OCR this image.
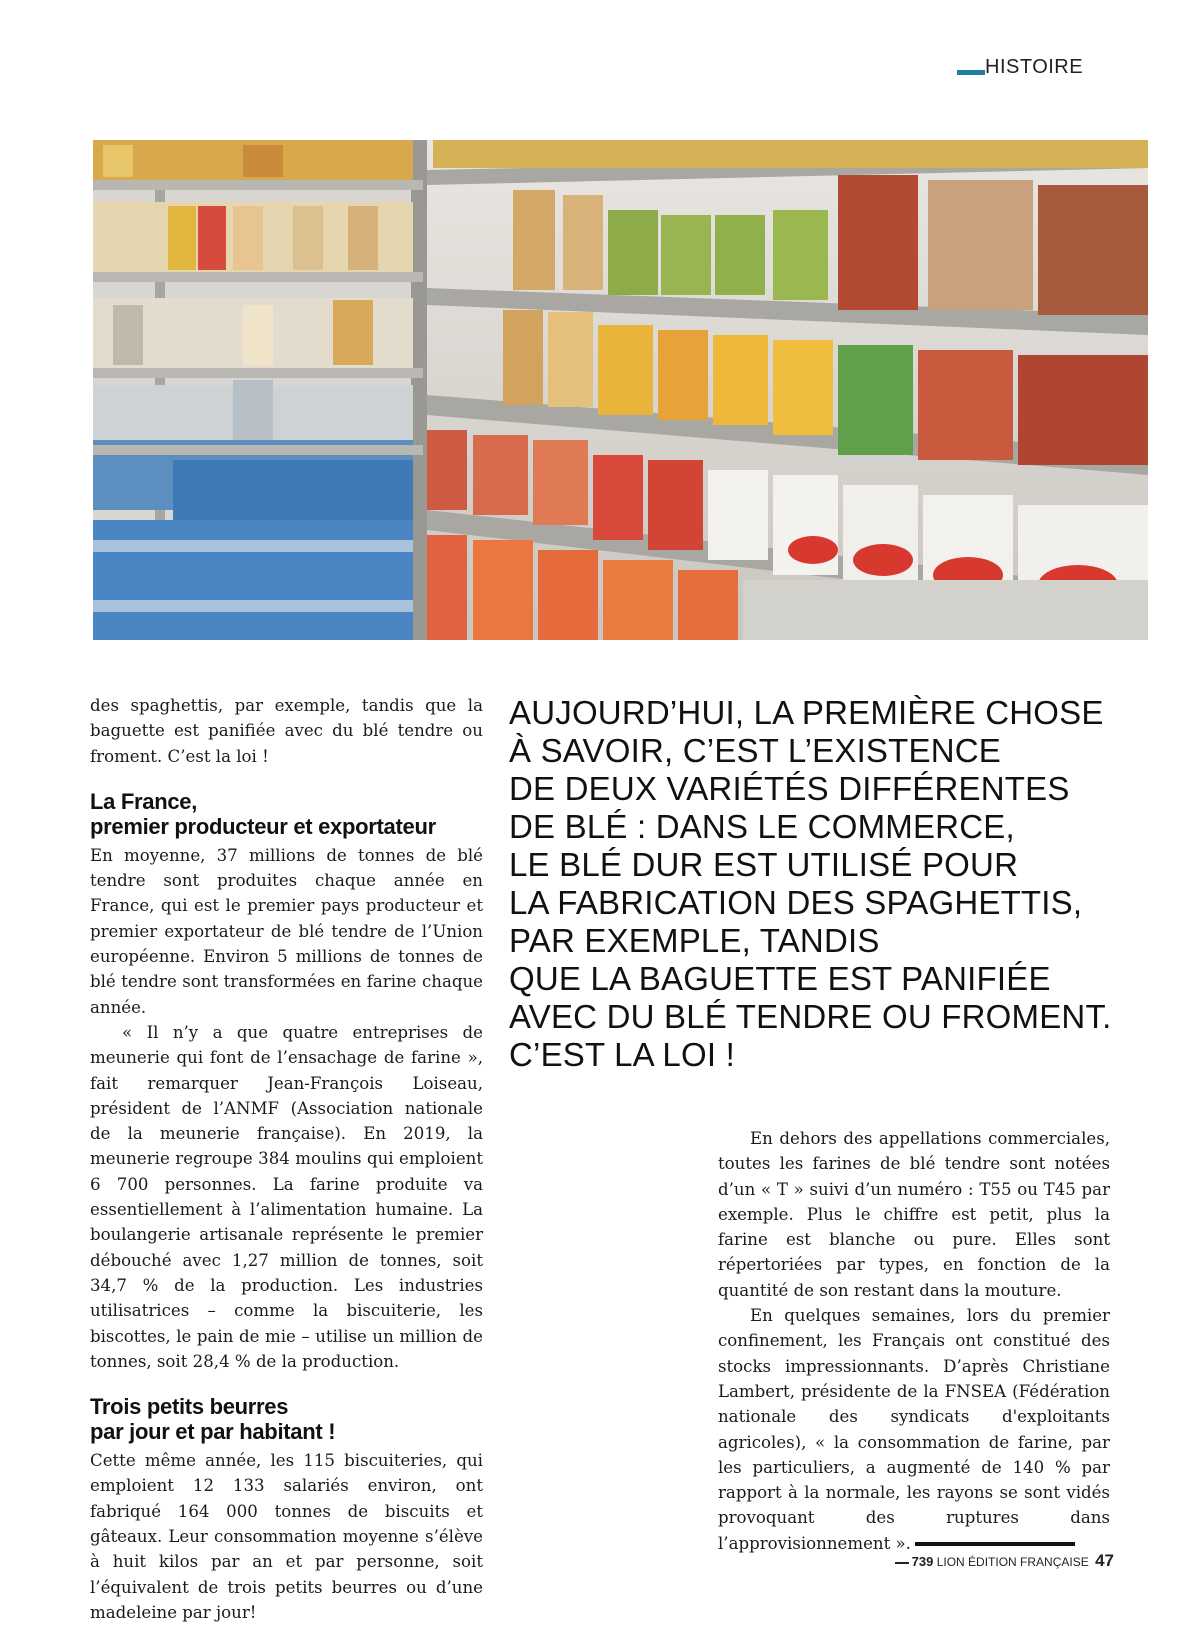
HISTOIRE

des spaghettis, par exemple, tandis que la baguette est panifiée avec du blé tendre ou froment. C’est la loi !

La France,
premier producteur et exportateur

En moyenne, 37 millions de tonnes de blé tendre sont produites chaque année en France, qui est le premier pays producteur et premier exportateur de blé tendre de l’Union européenne. Environ 5 millions de tonnes de blé tendre sont transformées en farine chaque année.

« Il n’y a que quatre entreprises de meunerie qui font de l’ensachage de farine », fait remarquer Jean-François Loiseau, président de l’ANMF (Association nationale de la meunerie française). En 2019, la meunerie regroupe 384 moulins qui emploient 6 700 personnes. La farine produite va essentiellement à l’alimentation humaine. La boulangerie artisanale représente le premier débouché avec 1,27 million de tonnes, soit 34,7 % de la production. Les industries utilisatrices – comme la biscuiterie, les biscottes, le pain de mie – utilise un million de tonnes, soit 28,4 % de la production.

Trois petits beurres
par jour et par habitant !

Cette même année, les 115 biscuiteries, qui emploient 12 133 salariés environ, ont fabriqué 164 000 tonnes de biscuits et gâteaux. Leur consommation moyenne s’élève à huit kilos par an et par personne, soit l’équivalent de trois petits beurres ou d’une madeleine par jour!

AUJOURD’HUI, LA PREMIÈRE CHOSE
À SAVOIR, C’EST L’EXISTENCE
DE DEUX VARIÉTÉS DIFFÉRENTES
DE BLÉ : DANS LE COMMERCE,
LE BLÉ DUR EST UTILISÉ POUR
LA FABRICATION DES SPAGHETTIS,
PAR EXEMPLE, TANDIS
QUE LA BAGUETTE EST PANIFIÉE
AVEC DU BLÉ TENDRE OU FROMENT.
C’EST LA LOI !

En dehors des appellations commerciales, toutes les farines de blé tendre sont notées d’un « T » suivi d’un numéro : T55 ou T45 par exemple. Plus le chiffre est petit, plus la farine est blanche ou pure. Elles sont répertoriées par types, en fonction de la quantité de son restant dans la mouture.

En quelques semaines, lors du premier confinement, les Français ont constitué des stocks impressionnants. D’après Christiane Lambert, présidente de la FNSEA (Fédération nationale des syndicats d'exploitants agricoles), « la consommation de farine, par les particuliers, a augmenté de 140 % par rapport à la normale, les rayons se sont vidés provoquant des ruptures dans l’approvisionnement ».

739 LION ÉDITION FRANÇAISE 47
